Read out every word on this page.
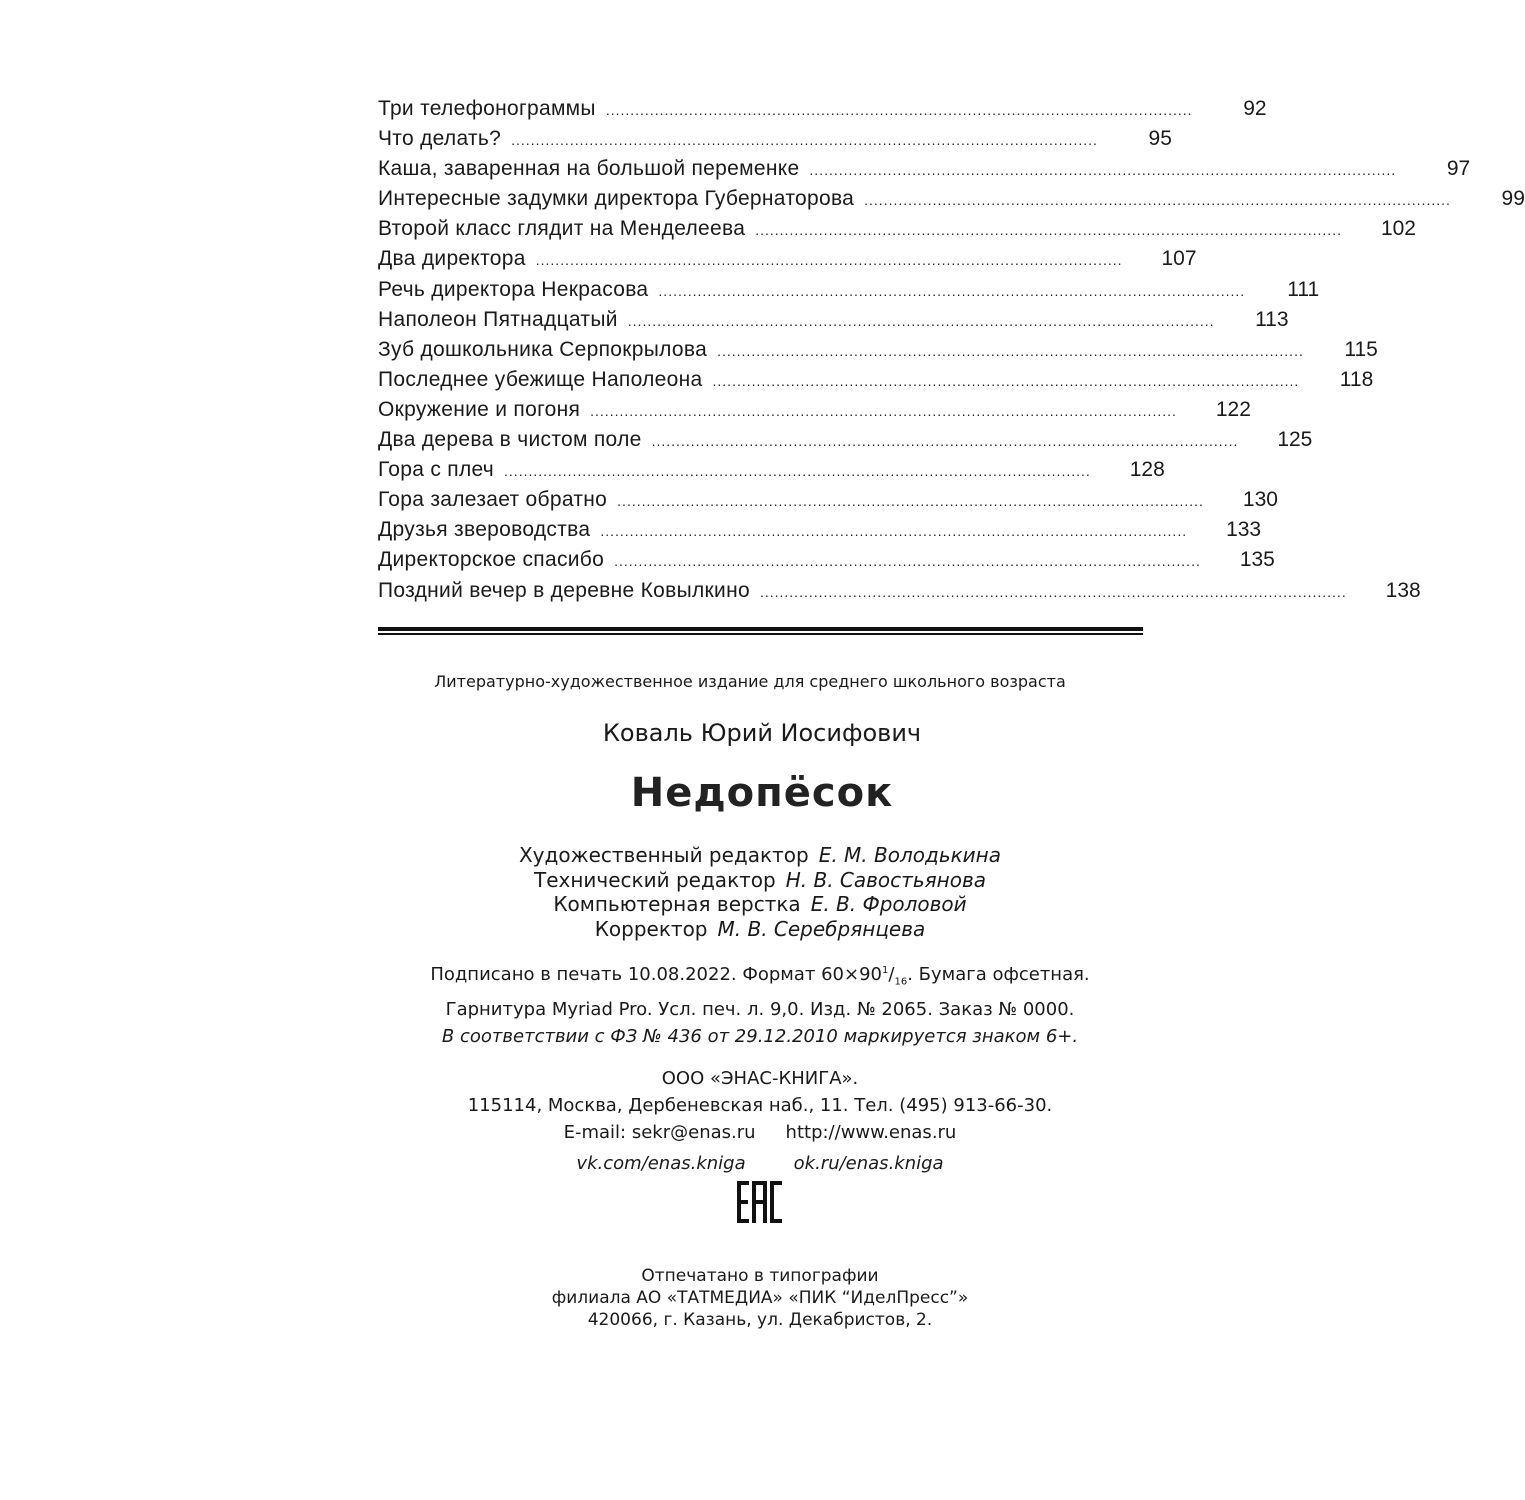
Три телефонограммы ........................................................................................................................	92
Что делать? ........................................................................................................................	95
Каша, заваренная на большой переменке ........................................................................................................................	97
Интересные задумки директора Губернаторова ........................................................................................................................	99
Второй класс глядит на Менделеева ........................................................................................................................	102
Два директора ........................................................................................................................	107
Речь директора Некрасова ........................................................................................................................	111
Наполеон Пятнадцатый ........................................................................................................................	113
Зуб дошкольника Серпокрылова ........................................................................................................................	115
Последнее убежище Наполеона ........................................................................................................................	118
Окружение и погоня ........................................................................................................................	122
Два дерева в чистом поле ........................................................................................................................	125
Гора с плеч ........................................................................................................................	128
Гора залезает обратно ........................................................................................................................	130
Друзья звероводства ........................................................................................................................	133
Директорское спасибо ........................................................................................................................	135
Поздний вечер в деревне Ковылкино ........................................................................................................................	138
Литературно-художественное издание для среднего школьного возраста
Коваль Юрий Иосифович
Недопёсок
Художественный редактор Е. М. Володькина
Технический редактор Н. В. Савостьянова
Компьютерная верстка Е. В. Фроловой
Корректор М. В. Серебрянцева
Подписано в печать 10.08.2022. Формат $60\times 90^1/_{16}$. Бумага офсетная.
Гарнитура Myriad Pro. Усл. печ. л. 9,0. Изд. № 2065. Заказ № 0000.
В соответствии с ФЗ № 436 от 29.12.2010 маркируется знаком 6+.
ООО «ЭНАС-КНИГА».
115114, Москва, Дербеневская наб., 11. Тел. (495) 913-66-30.
E-mail: sekr@enas.ru http://www.enas.ru
vk.com/enas.kniga	ok.ru/enas.kniga
Отпечатано в типографии
филиала АО «ТАТМЕДИА» «ПИК “ИделПресс”»
420066, г. Казань, ул. Декабристов, 2.
